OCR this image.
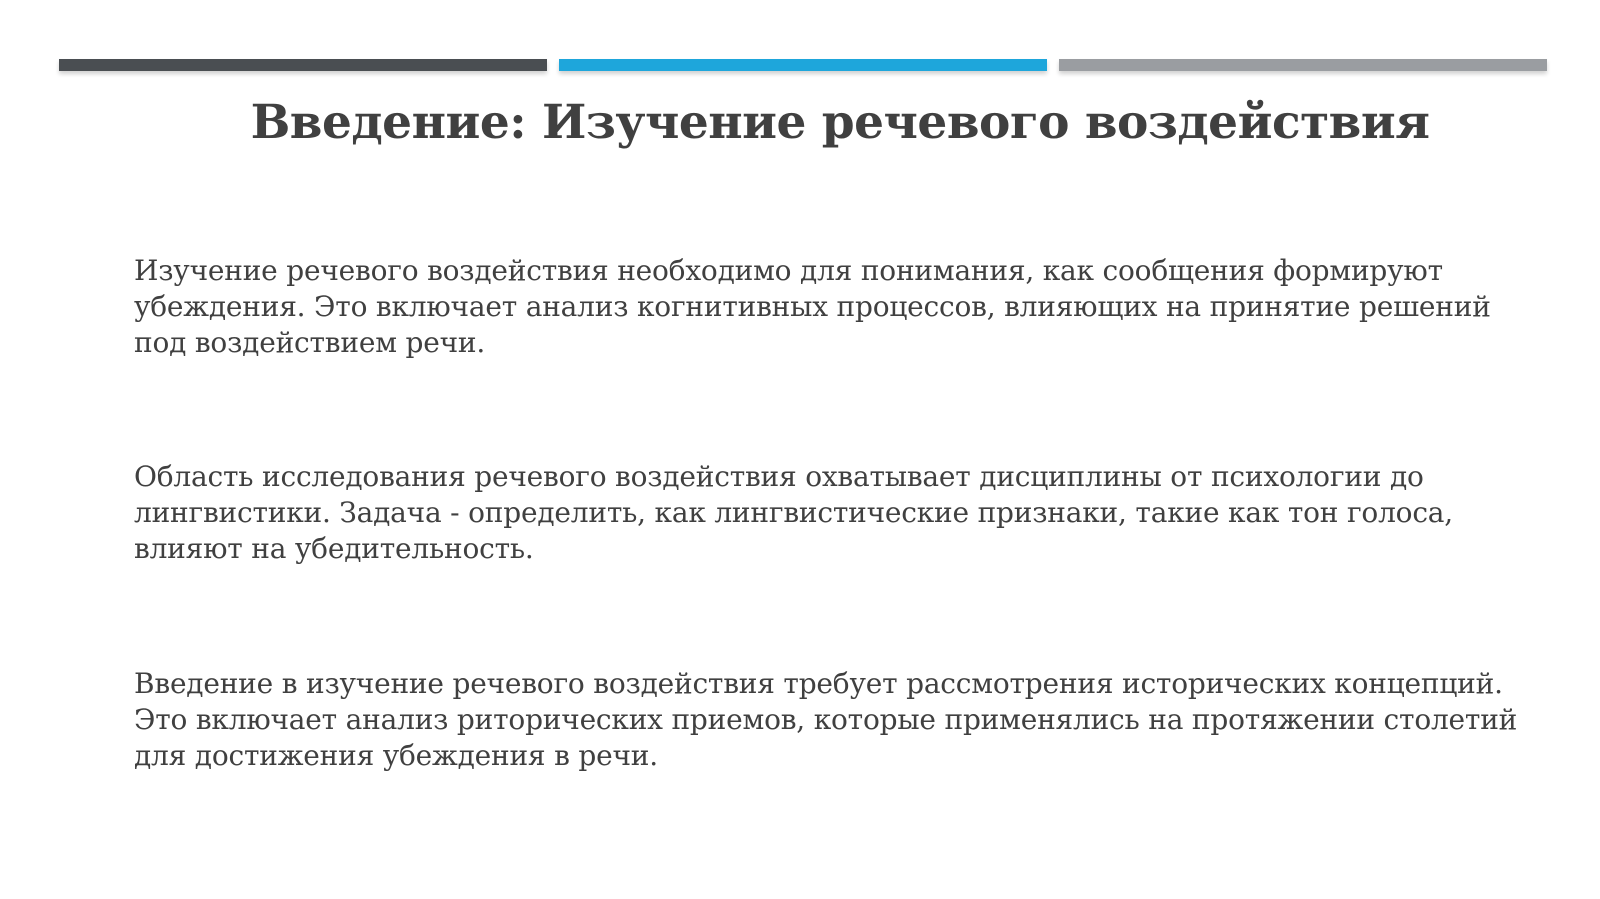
Введение: Изучение речевого воздействия

Изучение речевого воздействия необходимо для понимания, как сообщения формируют убеждения. Это включает анализ когнитивных процессов, влияющих на принятие решений под воздействием речи.

Область исследования речевого воздействия охватывает дисциплины от психологии до лингвистики. Задача - определить, как лингвистические признаки, такие как тон голоса, влияют на убедительность.

Введение в изучение речевого воздействия требует рассмотрения исторических концепций. Это включает анализ риторических приемов, которые применялись на протяжении столетий для достижения убеждения в речи.
